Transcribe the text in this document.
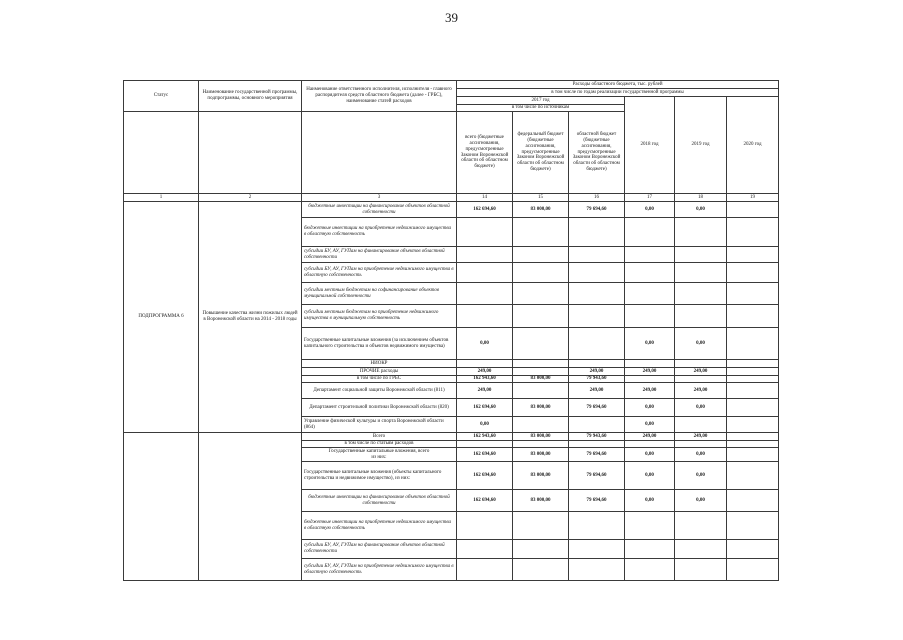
39
Статус	Наименование государственной программы, подпрограммы, основного мероприятия	Наименование ответственного исполнителя, исполнителя - главного распорядителя средств областного бюджета (далее - ГРБС), наименование статей расходов	Расходы областного бюджета, тыс. рублей					
			в том числе по годам реализации государственной программы					
			2017 год			2018 год	2019 год	2020 год
			в том числе по источникам					
			всего (бюджетные ассигнования, предусмотренные Законом Воронежской области об областном бюджете)	федеральный бюджет (бюджетные ассигнования, предусмотренные Законом Воронежской области об областном бюджете)	областной бюджет (бюджетные ассигнования, предусмотренные Законом Воронежской области об областном бюджете)			
1	2	3	14	15	16	17	18	19
ПОДПРОГРАММА 6	Повышение качества жизни пожилых людей в Воронежской области на 2014 - 2018 годы	бюджетные инвестиции на финансирование объектов областной собственности	162 694,60	83 000,00	79 694,60	0,00	0,00	
		бюджетные инвестиции на приобретение недвижимого имущества в областную собственность						
		субсидии БУ, АУ, ГУПам на финансирование объектов областной собственности						
		субсидии БУ, АУ, ГУПам на приобретение недвижимого имущества в областную собственность						
		субсидии местным бюджетам на софинансирование объектов муниципальной собственности						
		субсидии местным бюджетам на приобретение недвижимого имущества в муниципальную собственность						
		Государственные капитальные вложения (за исключением объектов капитального строительства и объектов недвижимого имущества)	0,00			0,00	0,00	
		НИОКР						
		ПРОЧИЕ расходы	249,00		249,00	249,00	249,00	
		в том числе по ГРБС	162 943,60	83 000,00	79 943,60			
		Департамент социальной защиты Воронежской области (811)	249,00		249,00	249,00	249,00	
		Департамент строительной политики Воронежской области (820)	162 694,60	83 000,00	79 694,60	0,00	0,00	
		Управление физической культуры и спорта Воронежской области (864)	0,00			0,00		
		Всего	162 943,60	83 000,00	79 943,60	249,00	249,00	
		в том числе по статьям расходов						
		Государственные капитальные вложения, всего
из них:	162 694,60	83 000,00	79 694,60	0,00	0,00	
		Государственные капитальные вложения (объекты капитального строительства и недвижимое имущество), из них:	162 694,60	83 000,00	79 694,60	0,00	0,00	
		бюджетные инвестиции на финансирование объектов областной собственности	162 694,60	83 000,00	79 694,60	0,00	0,00	
		бюджетные инвестиции на приобретение недвижимого имущества в областную собственность						
		субсидии БУ, АУ, ГУПам на финансирование объектов областной собственности						
		субсидии БУ, АУ, ГУПам на приобретение недвижимого имущества в областную собственность						
